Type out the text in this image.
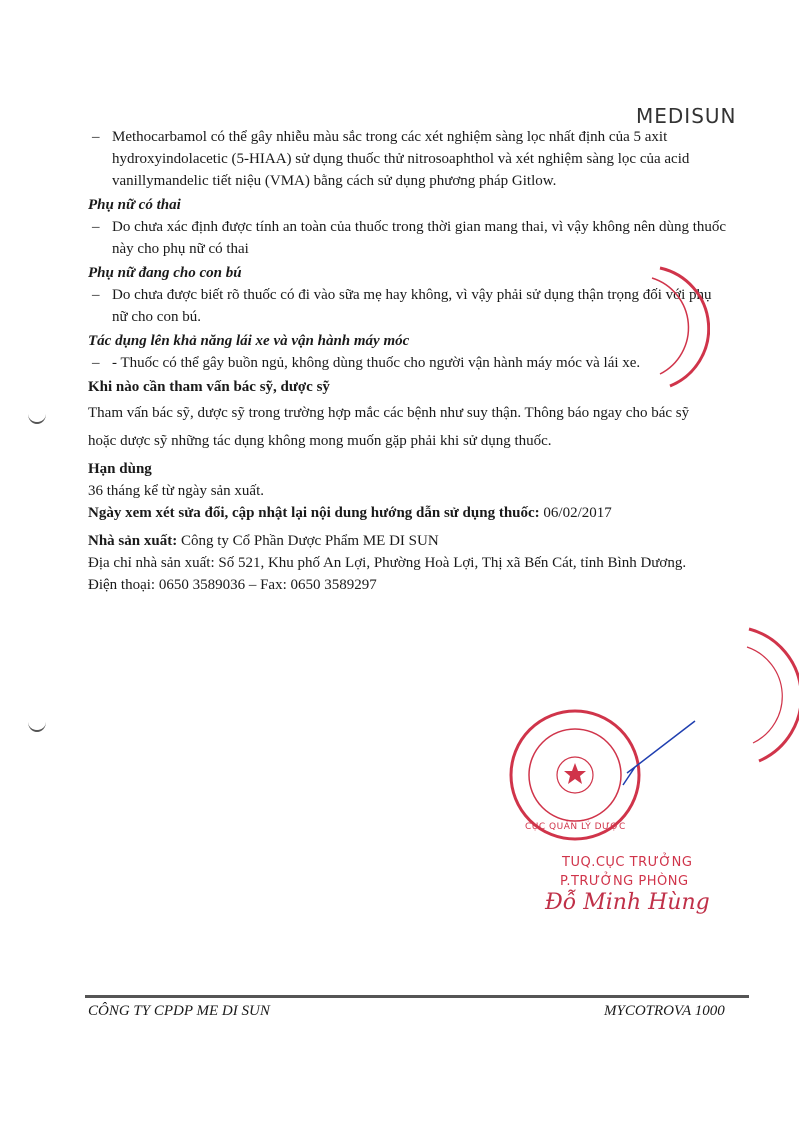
MEDISUN
– Methocarbamol có thể gây nhiễu màu sắc trong các xét nghiệm sàng lọc nhất định của 5 axit hydroxyindolacetic (5-HIAA) sử dụng thuốc thử nitrosoaphthol và xét nghiệm sàng lọc của acid vanillymandelic tiết niệu (VMA) bằng cách sử dụng phương pháp Gitlow.
Phụ nữ có thai
– Do chưa xác định được tính an toàn của thuốc trong thời gian mang thai, vì vậy không nên dùng thuốc này cho phụ nữ có thai
Phụ nữ đang cho con bú
– Do chưa được biết rõ thuốc có đi vào sữa mẹ hay không, vì vậy phải sử dụng thận trọng đối với phụ nữ cho con bú.
Tác dụng lên khả năng lái xe và vận hành máy móc
– - Thuốc có thể gây buồn ngủ, không dùng thuốc cho người vận hành máy móc và lái xe.
Khi nào cần tham vấn bác sỹ, dược sỹ

Tham vấn bác sỹ, dược sỹ trong trường hợp mắc các bệnh như suy thận. Thông báo ngay cho bác sỹ

hoặc dược sỹ những tác dụng không mong muốn gặp phải khi sử dụng thuốc.

Hạn dùng

36 tháng kể từ ngày sản xuất.

Ngày xem xét sửa đổi, cập nhật lại nội dung hướng dẫn sử dụng thuốc: 06/02/2017

Nhà sản xuất: Công ty Cổ Phần Dược Phẩm ME DI SUN

Địa chỉ nhà sản xuất: Số 521, Khu phố An Lợi, Phường Hoà Lợi, Thị xã Bến Cát, tỉnh Bình Dương.

Điện thoại: 0650 3589036 – Fax: 0650 3589297

CỤC QUẢN LÝ DƯỢC
TUQ.CỤC TRƯỞNG
P.TRƯỞNG PHÒNG
Đỗ Minh Hùng
CÔNG TY CPDP ME DI SUN	MYCOTROVA 1000
